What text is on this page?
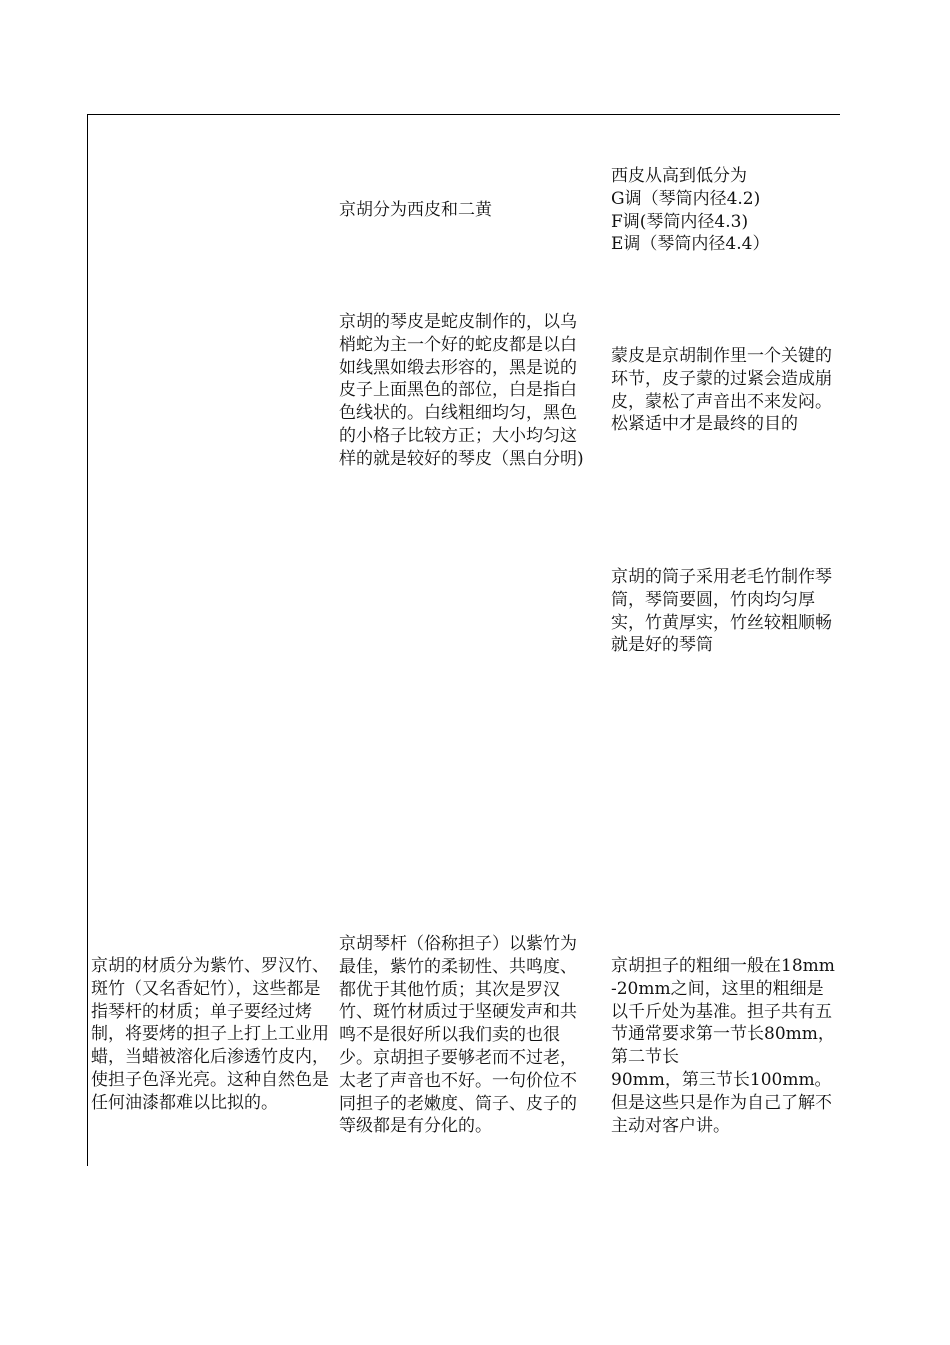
京胡分为西皮和二黄
西皮从高到低分为
G调（琴筒内径4.2)
F调(琴筒内径4.3)
E调（琴筒内径4.4）
京胡的琴皮是蛇皮制作的，以乌梢蛇为主一个好的蛇皮都是以白如线黑如缎去形容的，黑是说的皮子上面黑色的部位，白是指白色线状的。白线粗细均匀，黑色的小格子比较方正；大小均匀这样的就是较好的琴皮（黑白分明)
蒙皮是京胡制作里一个关键的环节，皮子蒙的过紧会造成崩皮，蒙松了声音出不来发闷。松紧适中才是最终的目的
京胡的筒子采用老毛竹制作琴筒，琴筒要圆，竹肉均匀厚实，竹黄厚实，竹丝较粗顺畅就是好的琴筒
京胡的材质分为紫竹、罗汉竹、斑竹（又名香妃竹），这些都是指琴杆的材质；单子要经过烤制，将要烤的担子上打上工业用蜡，当蜡被溶化后渗透竹皮内，使担子色泽光亮。这种自然色是任何油漆都难以比拟的。
京胡琴杆（俗称担子）以紫竹为最佳，紫竹的柔韧性、共鸣度、都优于其他竹质；其次是罗汉竹、斑竹材质过于坚硬发声和共鸣不是很好所以我们卖的也很少。京胡担子要够老而不过老，太老了声音也不好。一句价位不同担子的老嫩度、筒子、皮子的等级都是有分化的。
京胡担子的粗细一般在18mm-20mm之间，这里的粗细是以千斤处为基准。担子共有五节通常要求第一节长80mm，第二节长
90mm，第三节长100mm。但是这些只是作为自己了解不主动对客户讲。
